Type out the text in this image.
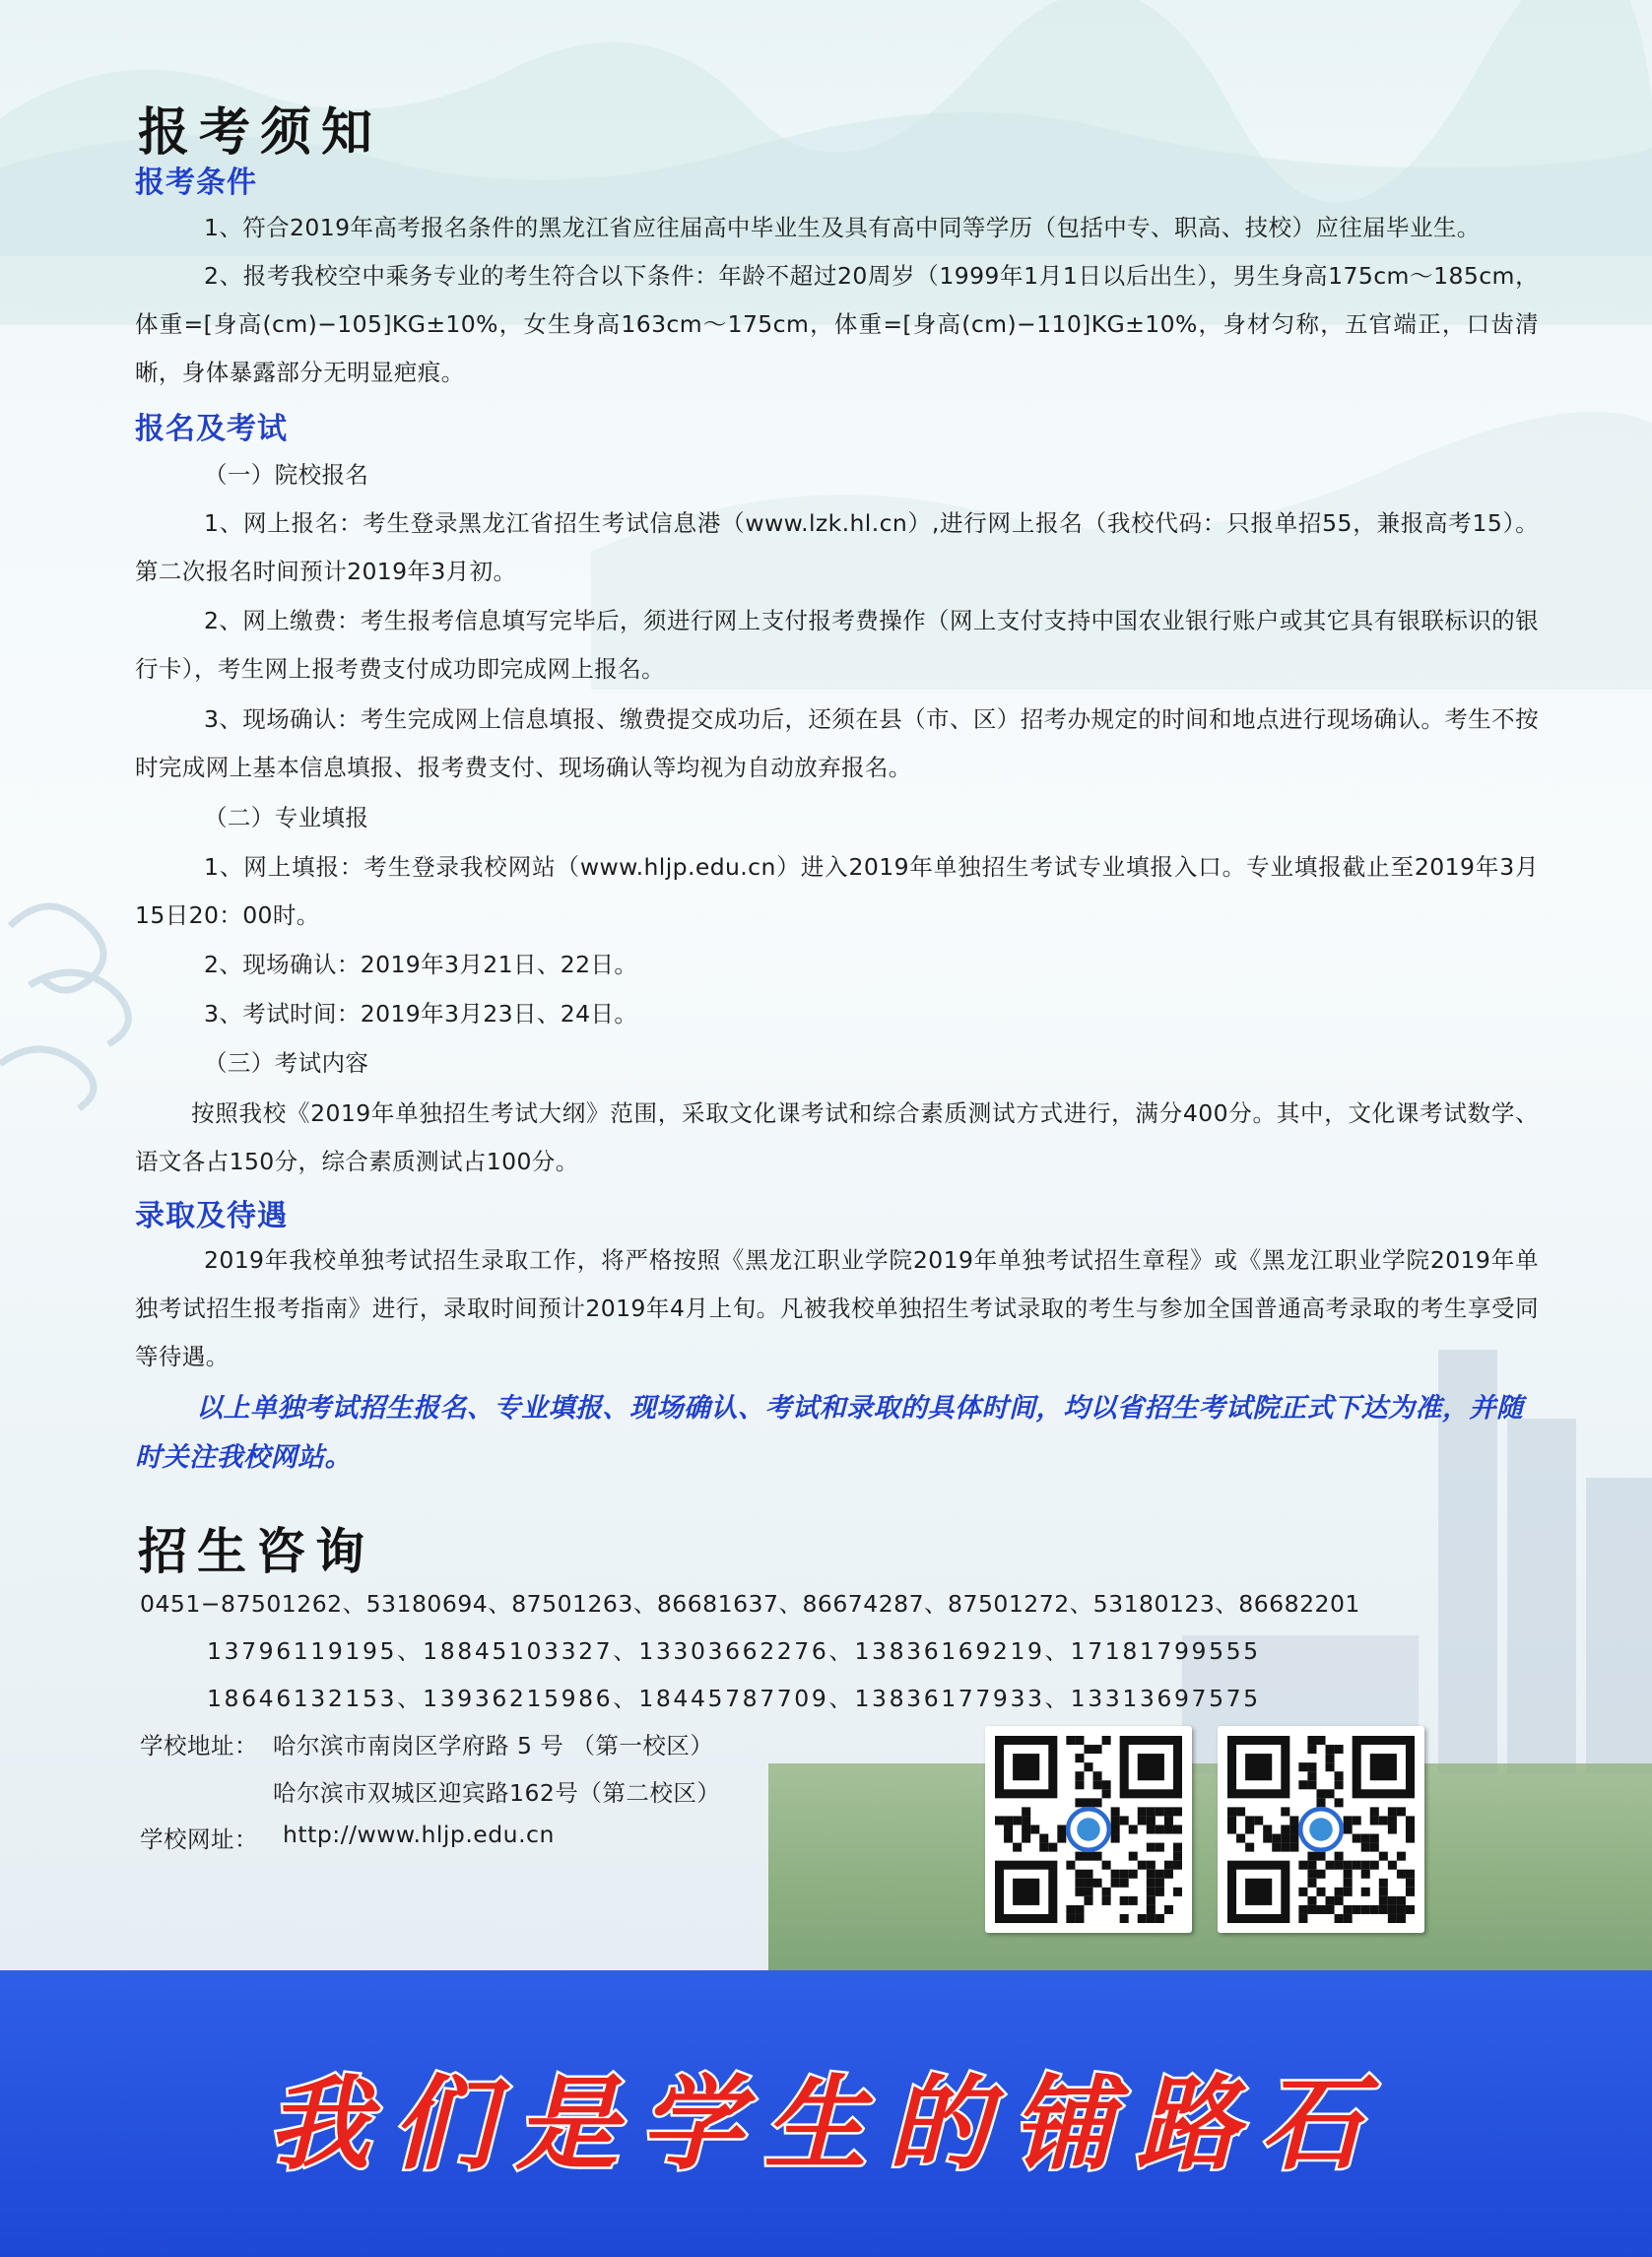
报考须知
报考条件
1、符合2019年高考报名条件的黑龙江省应往届高中毕业生及具有高中同等学历（包括中专、职高、技校）应往届毕业生。
2、报考我校空中乘务专业的考生符合以下条件：年龄不超过20周岁（1999年1月1日以后出生），男生身高175cm～185cm，体重=[身高(cm)−105]KG±10%，女生身高163cm～175cm，体重=[身高(cm)−110]KG±10%，身材匀称，五官端正，口齿清晰，身体暴露部分无明显疤痕。
报名及考试
（一）院校报名
1、网上报名：考生登录黑龙江省招生考试信息港（www.lzk.hl.cn）,进行网上报名（我校代码：只报单招55，兼报高考15）。第二次报名时间预计2019年3月初。
2、网上缴费：考生报考信息填写完毕后，须进行网上支付报考费操作（网上支付支持中国农业银行账户或其它具有银联标识的银行卡），考生网上报考费支付成功即完成网上报名。
3、现场确认：考生完成网上信息填报、缴费提交成功后，还须在县（市、区）招考办规定的时间和地点进行现场确认。考生不按时完成网上基本信息填报、报考费支付、现场确认等均视为自动放弃报名。
（二）专业填报
1、网上填报：考生登录我校网站（www.hljp.edu.cn）进入2019年单独招生考试专业填报入口。专业填报截止至2019年3月15日20：00时。
2、现场确认：2019年3月21日、22日。
3、考试时间：2019年3月23日、24日。
（三）考试内容
按照我校《2019年单独招生考试大纲》范围，采取文化课考试和综合素质测试方式进行，满分400分。其中，文化课考试数学、语文各占150分，综合素质测试占100分。
录取及待遇
2019年我校单独考试招生录取工作，将严格按照《黑龙江职业学院2019年单独考试招生章程》或《黑龙江职业学院2019年单独考试招生报考指南》进行，录取时间预计2019年4月上旬。凡被我校单独招生考试录取的考生与参加全国普通高考录取的考生享受同等待遇。
以上单独考试招生报名、专业填报、现场确认、考试和录取的具体时间，均以省招生考试院正式下达为准，并随时关注我校网站。
招生咨询
0451−87501262、53180694、87501263、86681637、86674287、87501272、53180123、86682201
13796119195、18845103327、13303662276、13836169219、17181799555
18646132153、13936215986、18445787709、13836177933、13313697575
学校地址： 哈尔滨市南岗区学府路 5 号 （第一校区）
哈尔滨市双城区迎宾路162号（第二校区）
学校网址： http://www.hljp.edu.cn
我们是学生的铺路石
